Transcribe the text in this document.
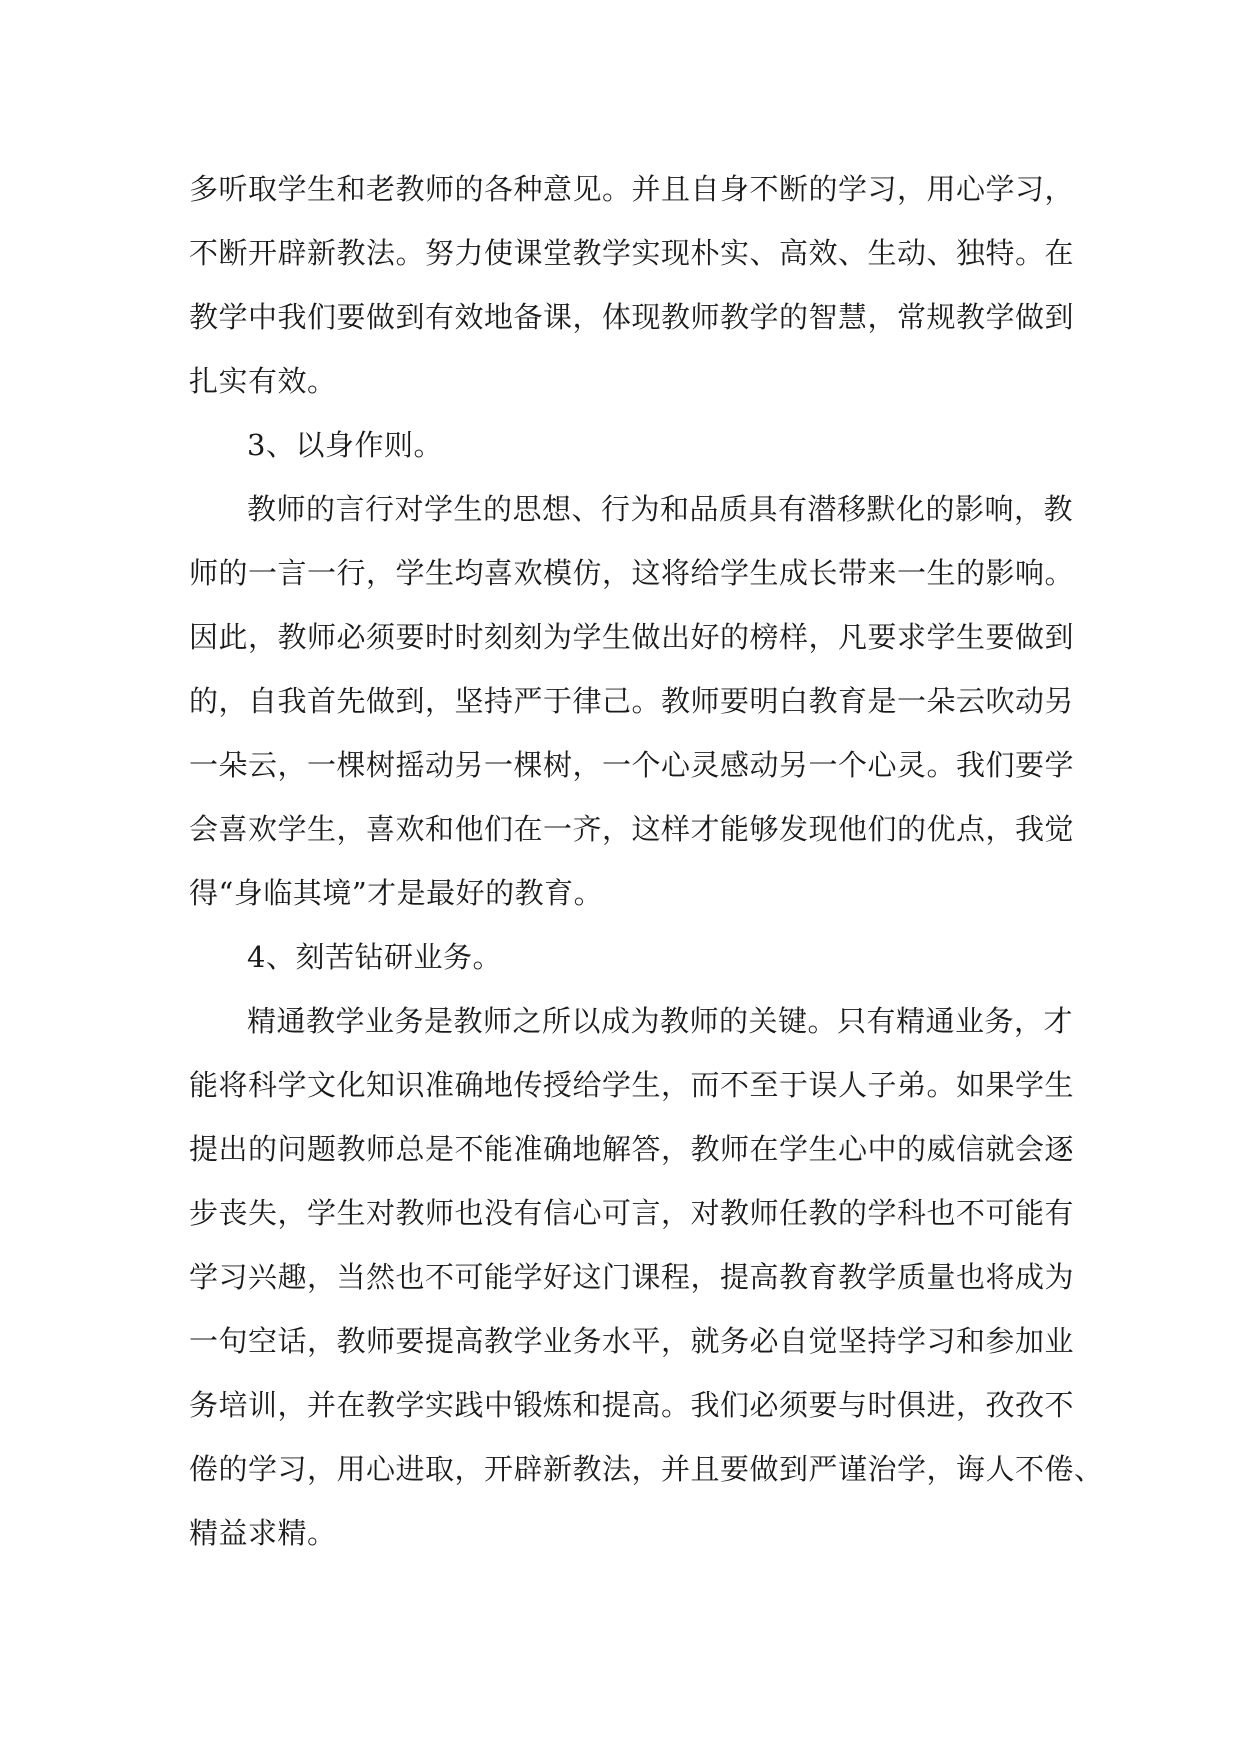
多听取学生和老教师的各种意见。并且自身不断的学习，用心学习，
不断开辟新教法。努力使课堂教学实现朴实、高效、生动、独特。在
教学中我们要做到有效地备课，体现教师教学的智慧，常规教学做到
扎实有效。
3、以身作则。
教师的言行对学生的思想、行为和品质具有潜移默化的影响，教
师的一言一行，学生均喜欢模仿，这将给学生成长带来一生的影响。
因此，教师必须要时时刻刻为学生做出好的榜样，凡要求学生要做到
的，自我首先做到，坚持严于律己。教师要明白教育是一朵云吹动另
一朵云，一棵树摇动另一棵树，一个心灵感动另一个心灵。我们要学
会喜欢学生，喜欢和他们在一齐，这样才能够发现他们的优点，我觉
得“身临其境”才是最好的教育。
4、刻苦钻研业务。
精通教学业务是教师之所以成为教师的关键。只有精通业务，才
能将科学文化知识准确地传授给学生，而不至于误人子弟。如果学生
提出的问题教师总是不能准确地解答，教师在学生心中的威信就会逐
步丧失，学生对教师也没有信心可言，对教师任教的学科也不可能有
学习兴趣，当然也不可能学好这门课程，提高教育教学质量也将成为
一句空话，教师要提高教学业务水平，就务必自觉坚持学习和参加业
务培训，并在教学实践中锻炼和提高。我们必须要与时俱进，孜孜不
倦的学习，用心进取，开辟新教法，并且要做到严谨治学，诲人不倦、
精益求精。
